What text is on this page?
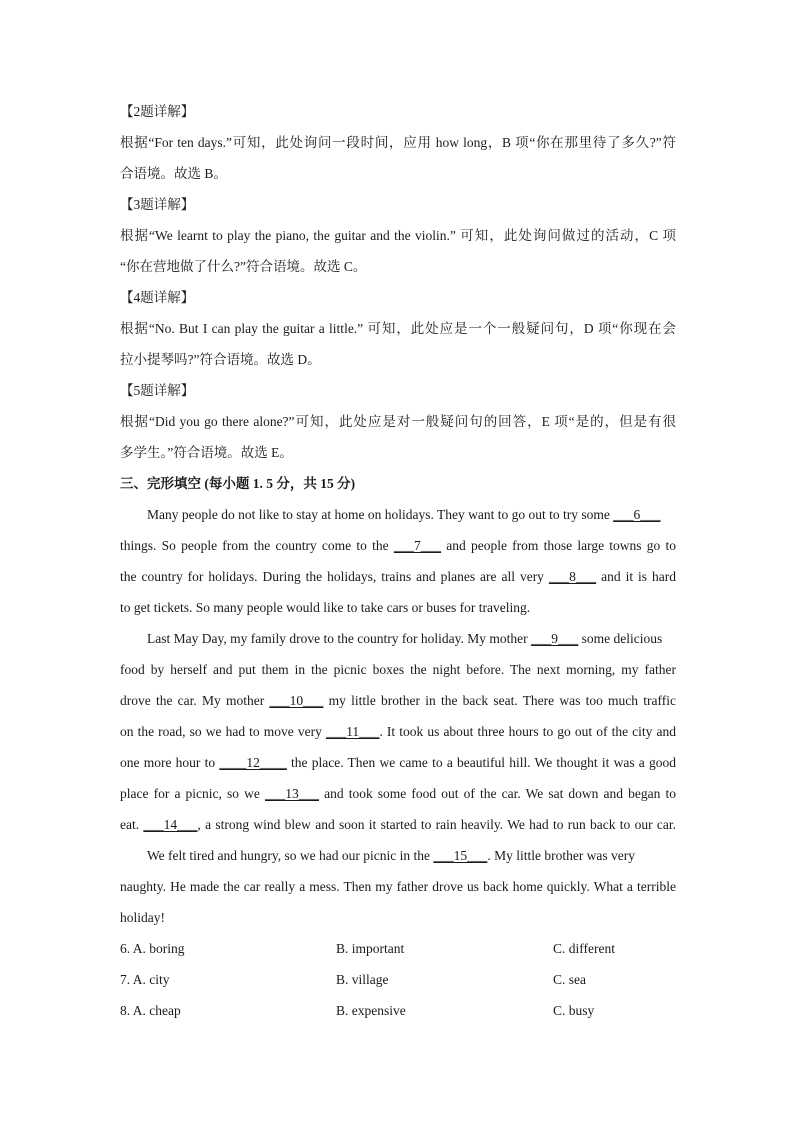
【2题详解】
根据“For ten days.”可知，此处询问一段时间，应用 how long，B 项“你在那里待了多久?”符
合语境。故选 B。
【3题详解】
根据“We learnt to play the piano, the guitar and the violin.” 可知，此处询问做过的活动，C 项
“你在营地做了什么?”符合语境。故选 C。
【4题详解】
根据“No. But I can play the guitar a little.” 可知，此处应是一个一般疑问句，D 项“你现在会
拉小提琴吗?”符合语境。故选 D。
【5题详解】
根据“Did you go there alone?”可知，此处应是对一般疑问句的回答，E 项“是的，但是有很
多学生。”符合语境。故选 E。
三、完形填空 (每小题 1. 5 分，共 15 分)
Many people do not like to stay at home on holidays. They want to go out to try some ___6___
things. So people from the country come to the ___7___ and people from those large towns go to
the country for holidays. During the holidays, trains and planes are all very ___8___ and it is hard
to get tickets. So many people would like to take cars or buses for traveling.
Last May Day, my family drove to the country for holiday. My mother ___9___ some delicious
food by herself and put them in the picnic boxes the night before. The next morning, my father
drove the car. My mother ___10___ my little brother in the back seat. There was too much traffic
on the road, so we had to move very ___11___. It took us about three hours to go out of the city and
one more hour to ____12____ the place. Then we came to a beautiful hill. We thought it was a good
place for a picnic, so we ___13___ and took some food out of the car. We sat down and began to
eat. ___14___, a strong wind blew and soon it started to rain heavily. We had to run back to our car.
We felt tired and hungry, so we had our picnic in the ___15___. My little brother was very
naughty. He made the car really a mess. Then my father drove us back home quickly. What a terrible
holiday!
6. A. boring	B. important	C. different
7. A. city	B. village	C. sea
8. A. cheap	B. expensive	C. busy
